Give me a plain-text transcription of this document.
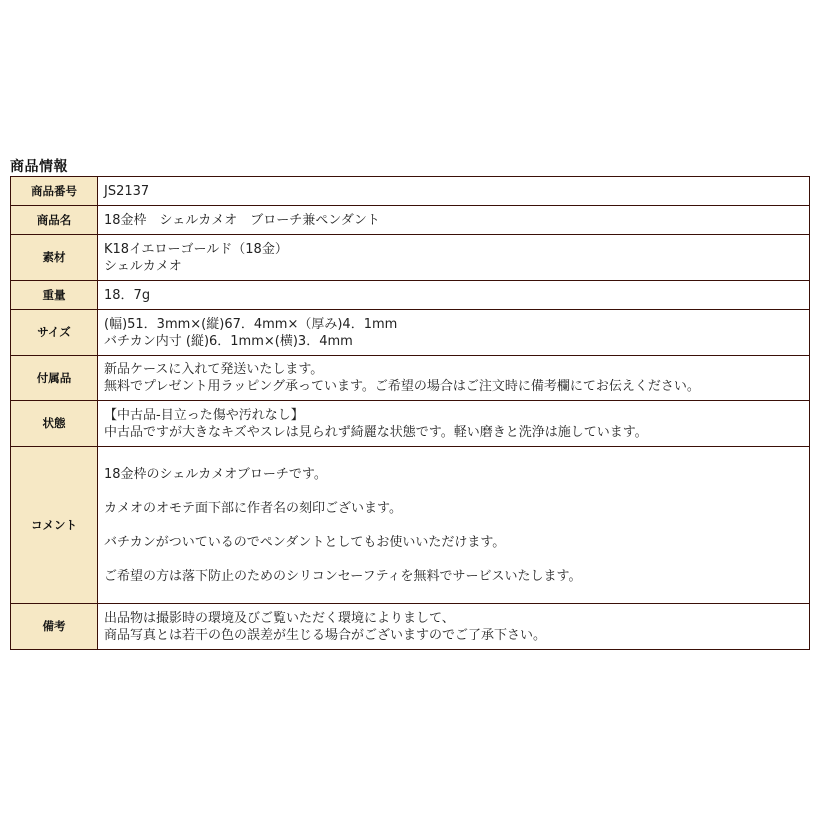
商品情報
商品番号	JS2137

商品名	18金枠　シェルカメオ　ブローチ兼ペンダント

素材	K18イエローゴールド（18金）
シェルカメオ

重量	18．7g

サイズ	(幅)51．3mm×(縦)67．4mm×（厚み)4．1mm
バチカン内寸 (縦)6．1mm×(横)3．4mm

付属品	新品ケースに入れて発送いたします。
無料でプレゼント用ラッピング承っています。ご希望の場合はご注文時に備考欄にてお伝えください。

状態	【中古品-目立った傷や汚れなし】
中古品ですが大きなキズやスレは見られず綺麗な状態です。軽い磨きと洗浄は施しています。

コメント	18金枠のシェルカメオブローチです。
カメオのオモテ面下部に作者名の刻印ございます。
バチカンがついているのでペンダントとしてもお使いいただけます。
ご希望の方は落下防止のためのシリコンセーフティを無料でサービスいたします。

備考	出品物は撮影時の環境及びご覧いただく環境によりまして、
商品写真とは若干の色の誤差が生じる場合がございますのでご了承下さい。
